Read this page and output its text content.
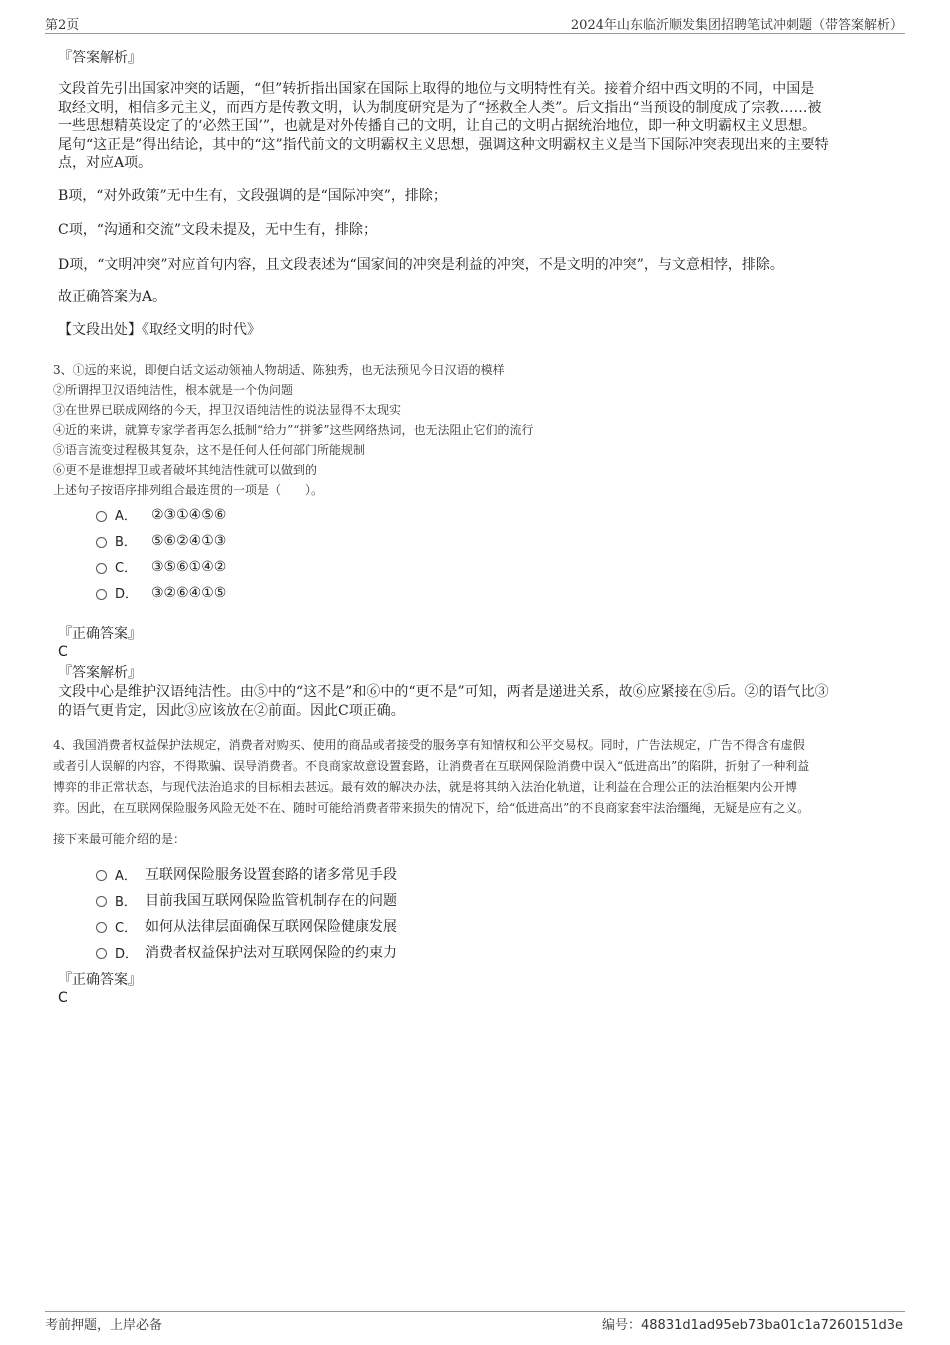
第2页	2024年山东临沂顺发集团招聘笔试冲刺题（带答案解析）
『答案解析』
文段首先引出国家冲突的话题，“但”转折指出国家在国际上取得的地位与文明特性有关。接着介绍中西文明的不同，中国是
取经文明，相信多元主义，而西方是传教文明，认为制度研究是为了“拯救全人类”。后文指出“当预设的制度成了宗教……被
一些思想精英设定了的‘必然王国’”，也就是对外传播自己的文明，让自己的文明占据统治地位，即一种文明霸权主义思想。
尾句“这正是”得出结论，其中的“这”指代前文的文明霸权主义思想，强调这种文明霸权主义是当下国际冲突表现出来的主要特
点，对应A项。
B项，“对外政策”无中生有，文段强调的是“国际冲突”，排除；
C项，“沟通和交流”文段未提及，无中生有，排除；
D项，“文明冲突”对应首句内容，且文段表述为“国家间的冲突是利益的冲突，不是文明的冲突”，与文意相悖，排除。
故正确答案为A。
【文段出处】《取经文明的时代》
3、①远的来说，即便白话文运动领袖人物胡适、陈独秀，也无法预见今日汉语的模样
②所谓捍卫汉语纯洁性，根本就是一个伪问题
③在世界已联成网络的今天，捍卫汉语纯洁性的说法显得不太现实
④近的来讲，就算专家学者再怎么抵制“给力”“拼爹”这些网络热词，也无法阻止它们的流行
⑤语言流变过程极其复杂，这不是任何人任何部门所能规制
⑥更不是谁想捍卫或者破坏其纯洁性就可以做到的
上述句子按语序排列组合最连贯的一项是（　　）。
A．	②③①④⑤⑥
B．	⑤⑥②④①③
C． ③⑤⑥①④②
D． ③②⑥④①⑤
『正确答案』
C
『答案解析』
文段中心是维护汉语纯洁性。由⑤中的“这不是”和⑥中的“更不是”可知，两者是递进关系，故⑥应紧接在⑤后。②的语气比③
的语气更肯定，因此③应该放在②前面。因此C项正确。
4、我国消费者权益保护法规定，消费者对购买、使用的商品或者接受的服务享有知情权和公平交易权。同时，广告法规定，广告不得含有虚假
或者引人误解的内容，不得欺骗、误导消费者。不良商家故意设置套路，让消费者在互联网保险消费中误入“低进高出”的陷阱，折射了一种利益
博弈的非正常状态，与现代法治追求的目标相去甚远。最有效的解决办法，就是将其纳入法治化轨道，让利益在合理公正的法治框架内公开博
弈。因此，在互联网保险服务风险无处不在、随时可能给消费者带来损失的情况下，给“低进高出”的不良商家套牢法治缰绳，无疑是应有之义。
接下来最可能介绍的是：
A． 互联网保险服务设置套路的诸多常见手段
B． 目前我国互联网保险监管机制存在的问题
C． 如何从法律层面确保互联网保险健康发展
D． 消费者权益保护法对互联网保险的约束力
『正确答案』
C
考前押题，上岸必备	编号：48831d1ad95eb73ba01c1a7260151d3e
